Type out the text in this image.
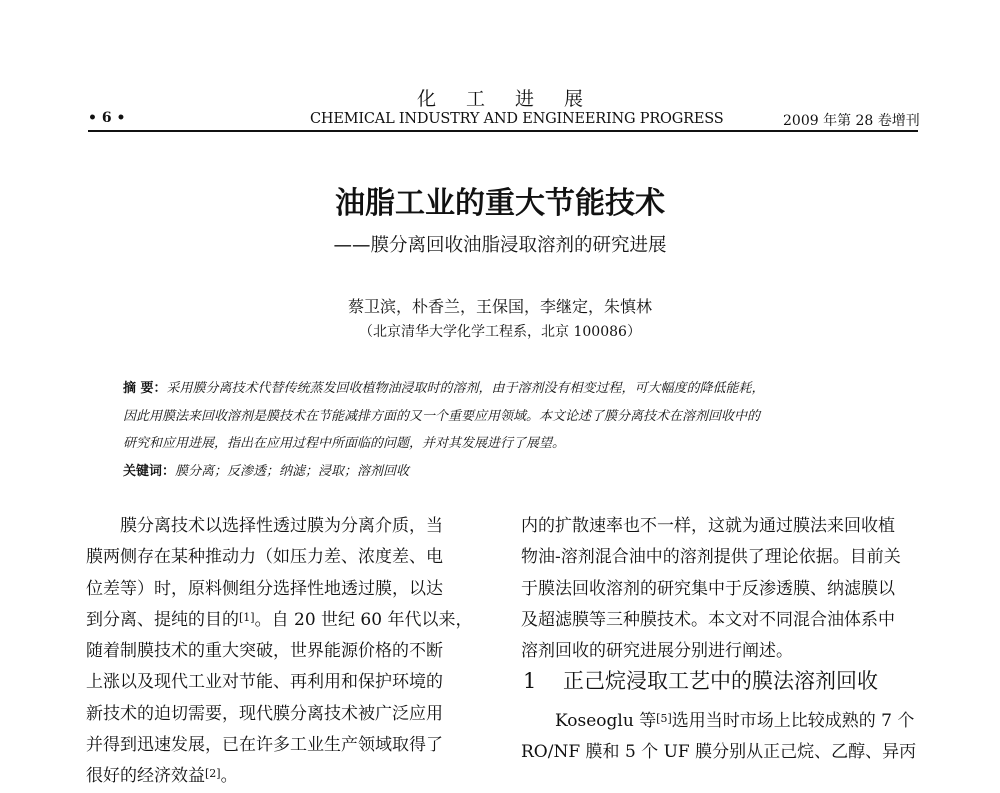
化工进展
• 6 •	CHEMICAL INDUSTRY AND ENGINEERING PROGRESS	2009 年第 28 卷增刊
油脂工业的重大节能技术
——膜分离回收油脂浸取溶剂的研究进展
蔡卫滨，朴香兰，王保国，李继定，朱慎林
（北京清华大学化学工程系，北京 100086）
摘 要：采用膜分离技术代替传统蒸发回收植物油浸取时的溶剂，由于溶剂没有相变过程，可大幅度的降低能耗，
因此用膜法来回收溶剂是膜技术在节能减排方面的又一个重要应用领域。本文论述了膜分离技术在溶剂回收中的
研究和应用进展，指出在应用过程中所面临的问题，并对其发展进行了展望。
关键词：膜分离；反渗透；纳滤；浸取；溶剂回收
膜分离技术以选择性透过膜为分离介质，当
膜两侧存在某种推动力（如压力差、浓度差、电
位差等）时，原料侧组分选择性地透过膜，以达
到分离、提纯的目的[1]。自 20 世纪 60 年代以来，
随着制膜技术的重大突破，世界能源价格的不断
上涨以及现代工业对节能、再利用和保护环境的
新技术的迫切需要，现代膜分离技术被广泛应用
并得到迅速发展，已在许多工业生产领域取得了
很好的经济效益[2]。
内的扩散速率也不一样，这就为通过膜法来回收植
物油-溶剂混合油中的溶剂提供了理论依据。目前关
于膜法回收溶剂的研究集中于反渗透膜、纳滤膜以
及超滤膜等三种膜技术。本文对不同混合油体系中
溶剂回收的研究进展分别进行阐述。
1 正己烷浸取工艺中的膜法溶剂回收
Koseoglu 等[5]选用当时市场上比较成熟的 7 个
RO/NF 膜和 5 个 UF 膜分别从正己烷、乙醇、异丙
